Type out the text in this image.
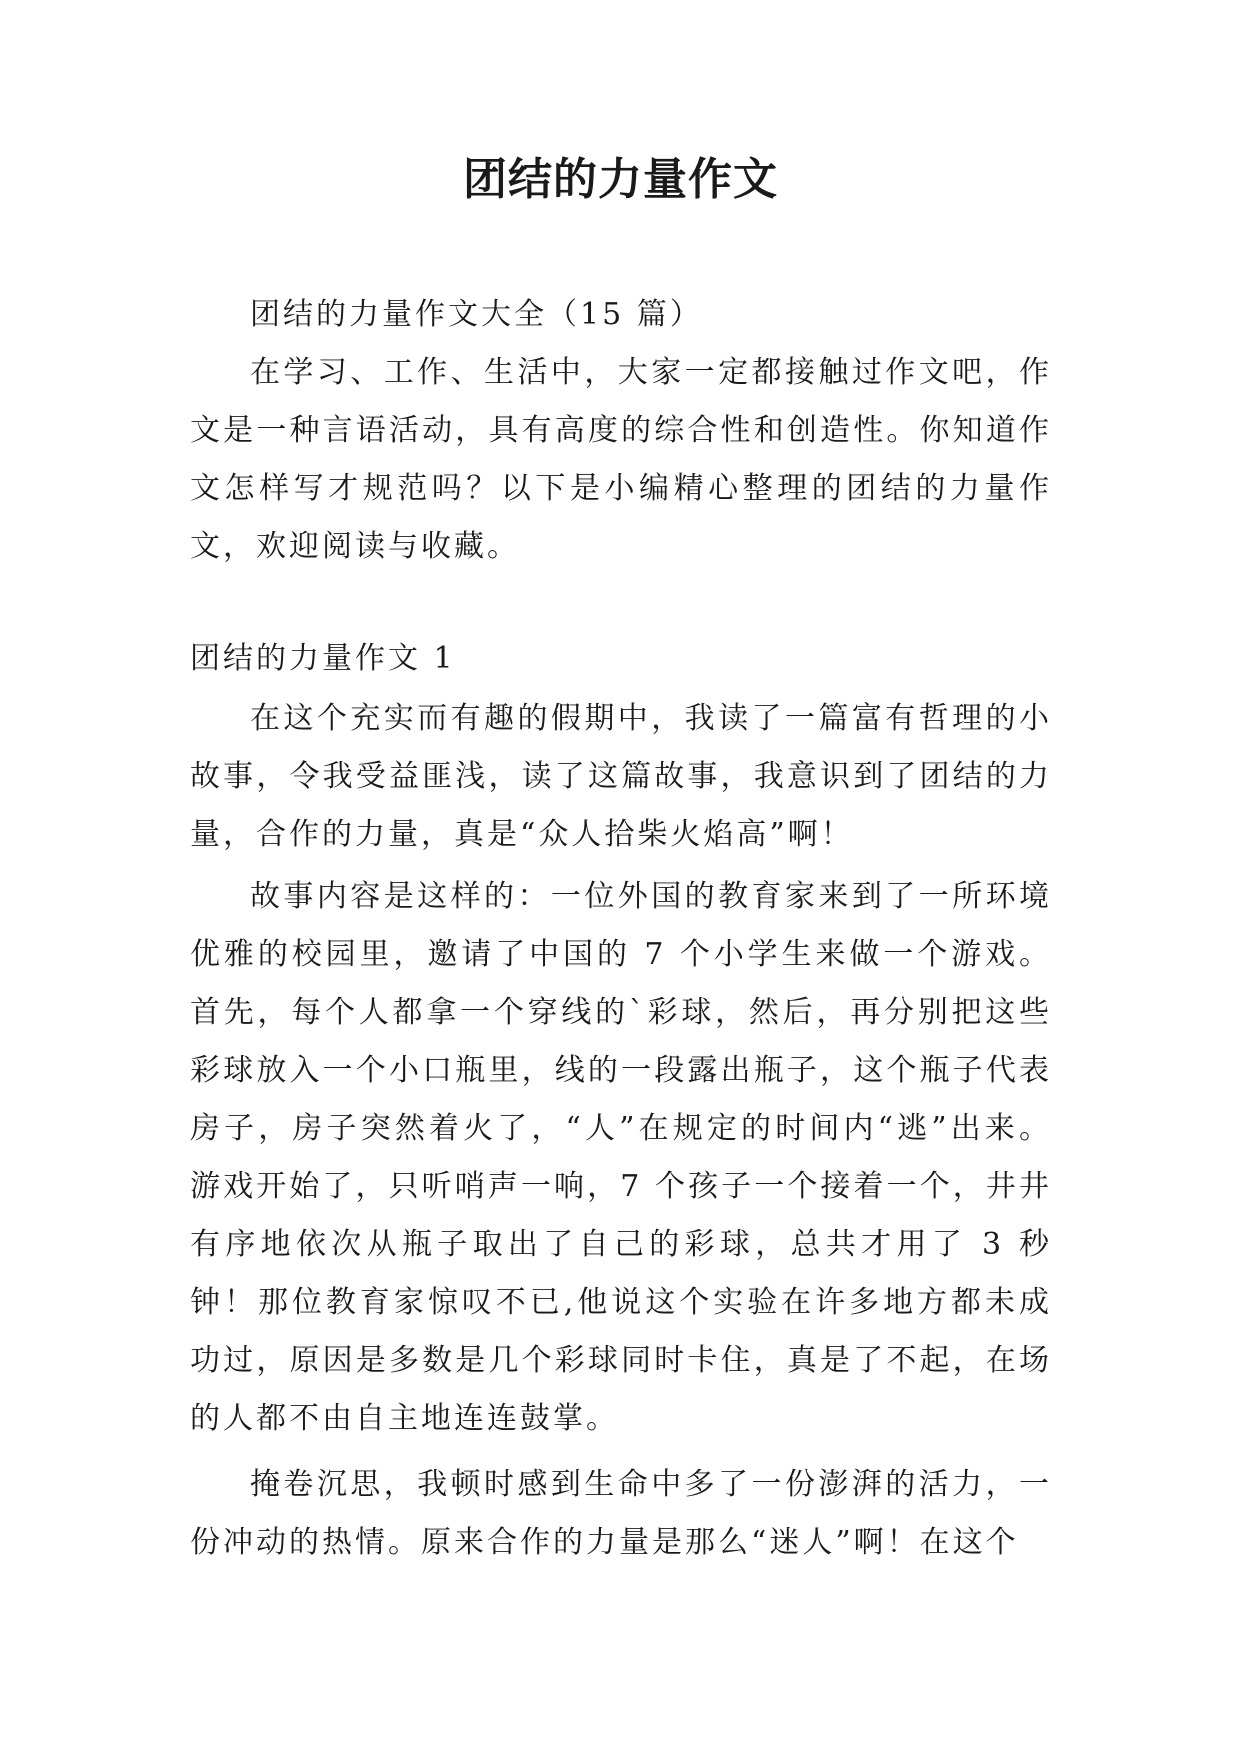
团结的力量作文

团结的力量作文大全（15 篇）

在学习、工作、生活中，大家一定都接触过作文吧，作文是一种言语活动，具有高度的综合性和创造性。你知道作文怎样写才规范吗？以下是小编精心整理的团结的力量作文，欢迎阅读与收藏。

团结的力量作文 1

在这个充实而有趣的假期中，我读了一篇富有哲理的小故事，令我受益匪浅，读了这篇故事，我意识到了团结的力量，合作的力量，真是“众人拾柴火焰高”啊！

故事内容是这样的：一位外国的教育家来到了一所环境优雅的校园里，邀请了中国的 7 个小学生来做一个游戏。首先，每个人都拿一个穿线的`彩球，然后，再分别把这些彩球放入一个小口瓶里，线的一段露出瓶子，这个瓶子代表房子，房子突然着火了，“人”在规定的时间内“逃”出来。游戏开始了，只听哨声一响，7 个孩子一个接着一个，井井有序地依次从瓶子取出了自己的彩球，总共才用了 3 秒钟！那位教育家惊叹不已,他说这个实验在许多地方都未成功过，原因是多数是几个彩球同时卡住，真是了不起，在场的人都不由自主地连连鼓掌。

掩卷沉思，我顿时感到生命中多了一份澎湃的活力，一份冲动的热情。原来合作的力量是那么“迷人”啊！在这个
